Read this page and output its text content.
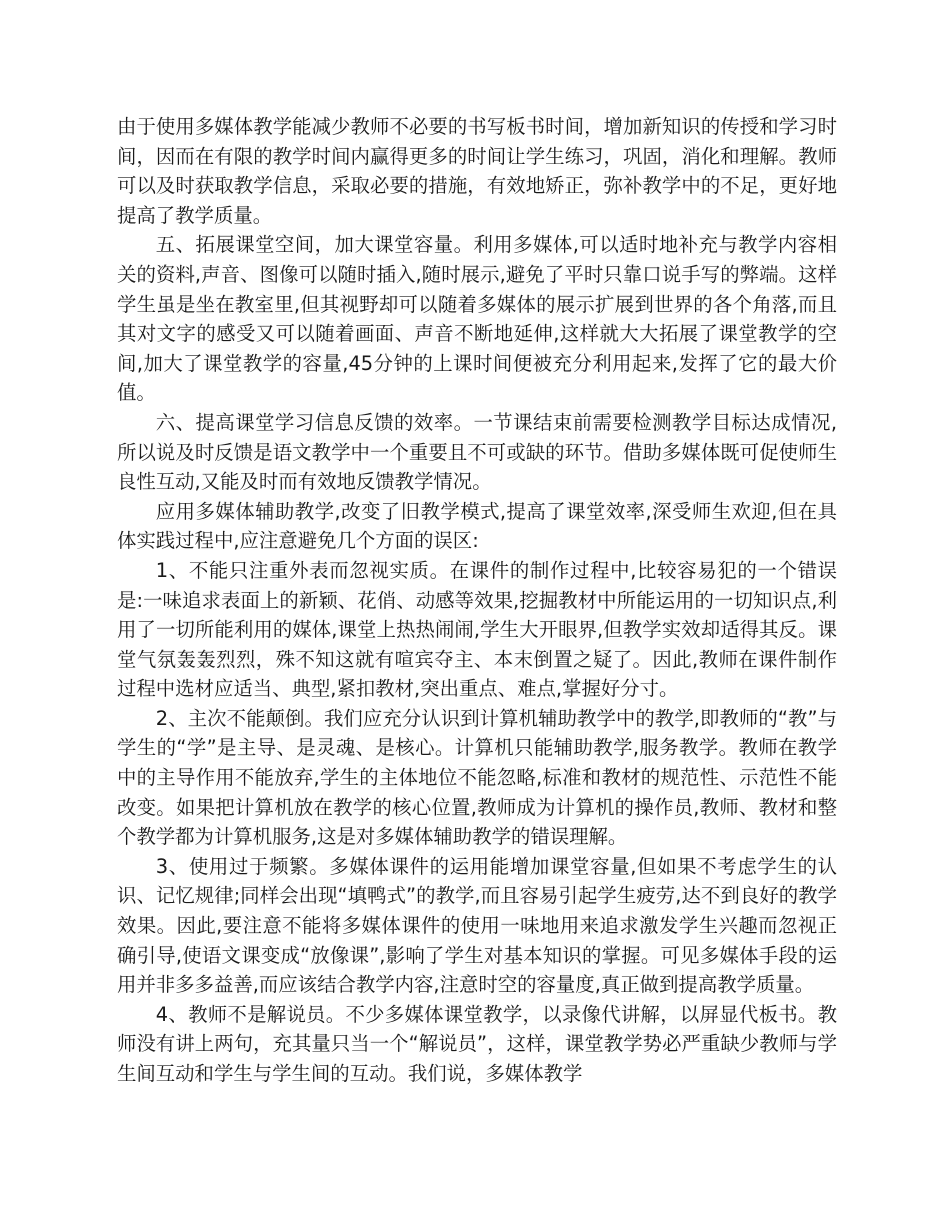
由于使用多媒体教学能减少教师不必要的书写板书时间，增加新知识的传授和学习时间，因而在有限的教学时间内赢得更多的时间让学生练习，巩固，消化和理解。教师可以及时获取教学信息，采取必要的措施，有效地矫正，弥补教学中的不足，更好地提高了教学质量。

五、拓展课堂空间，加大课堂容量。利用多媒体,可以适时地补充与教学内容相关的资料,声音、图像可以随时插入,随时展示,避免了平时只靠口说手写的弊端。这样学生虽是坐在教室里,但其视野却可以随着多媒体的展示扩展到世界的各个角落,而且其对文字的感受又可以随着画面、声音不断地延伸,这样就大大拓展了课堂教学的空间,加大了课堂教学的容量,45分钟的上课时间便被充分利用起来,发挥了它的最大价值。

六、提高课堂学习信息反馈的效率。一节课结束前需要检测教学目标达成情况,所以说及时反馈是语文教学中一个重要且不可或缺的环节。借助多媒体既可促使师生良性互动,又能及时而有效地反馈教学情况。

应用多媒体辅助教学,改变了旧教学模式,提高了课堂效率,深受师生欢迎,但在具体实践过程中,应注意避免几个方面的误区:

1、不能只注重外表而忽视实质。在课件的制作过程中,比较容易犯的一个错误是:一味追求表面上的新颖、花俏、动感等效果,挖掘教材中所能运用的一切知识点,利用了一切所能利用的媒体,课堂上热热闹闹,学生大开眼界,但教学实效却适得其反。课堂气氛轰轰烈烈，殊不知这就有喧宾夺主、本末倒置之疑了。因此,教师在课件制作过程中选材应适当、典型,紧扣教材,突出重点、难点,掌握好分寸。

2、主次不能颠倒。我们应充分认识到计算机辅助教学中的教学,即教师的“教”与学生的“学”是主导、是灵魂、是核心。计算机只能辅助教学,服务教学。教师在教学中的主导作用不能放弃,学生的主体地位不能忽略,标准和教材的规范性、示范性不能改变。如果把计算机放在教学的核心位置,教师成为计算机的操作员,教师、教材和整个教学都为计算机服务,这是对多媒体辅助教学的错误理解。

3、使用过于频繁。多媒体课件的运用能增加课堂容量,但如果不考虑学生的认识、记忆规律;同样会出现“填鸭式”的教学,而且容易引起学生疲劳,达不到良好的教学效果。因此,要注意不能将多媒体课件的使用一味地用来追求激发学生兴趣而忽视正确引导,使语文课变成“放像课”,影响了学生对基本知识的掌握。可见多媒体手段的运用并非多多益善,而应该结合教学内容,注意时空的容量度,真正做到提高教学质量。

4、教师不是解说员。不少多媒体课堂教学，以录像代讲解，以屏显代板书。教师没有讲上两句，充其量只当一个“解说员”，这样，课堂教学势必严重缺少教师与学生间互动和学生与学生间的互动。我们说，多媒体教学
